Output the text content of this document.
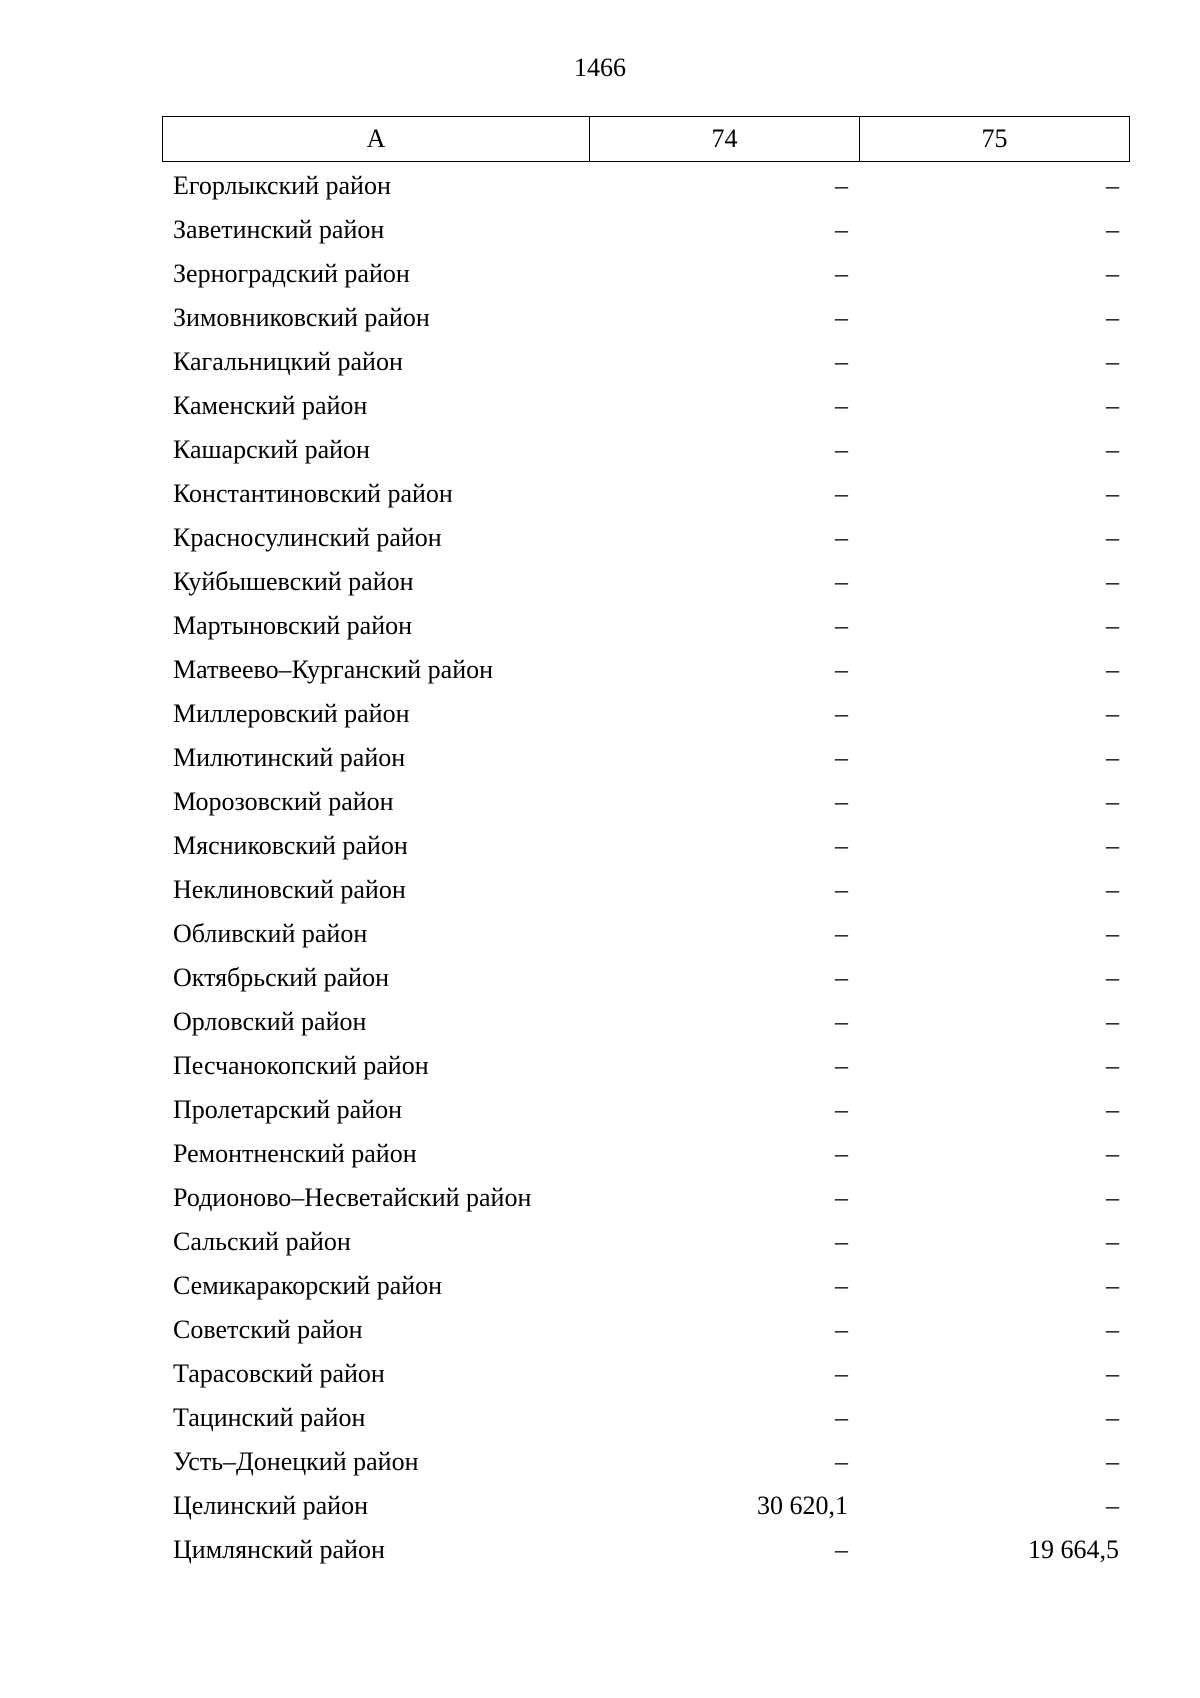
1466
А	74	75
Егорлыкский район	–	–
Заветинский район	–	–
Зерноградский район	–	–
Зимовниковский район	–	–
Кагальницкий район	–	–
Каменский район	–	–
Кашарский район	–	–
Константиновский район	–	–
Красносулинский район	–	–
Куйбышевский район	–	–
Мартыновский район	–	–
Матвеево–Курганский район	–	–
Миллеровский район	–	–
Милютинский район	–	–
Морозовский район	–	–
Мясниковский район	–	–
Неклиновский район	–	–
Обливский район	–	–
Октябрьский район	–	–
Орловский район	–	–
Песчанокопский район	–	–
Пролетарский район	–	–
Ремонтненский район	–	–
Родионово–Несветайский район	–	–
Сальский район	–	–
Семикаракорский район	–	–
Советский район	–	–
Тарасовский район	–	–
Тацинский район	–	–
Усть–Донецкий район	–	–
Целинский район	30 620,1	–
Цимлянский район	–	19 664,5
